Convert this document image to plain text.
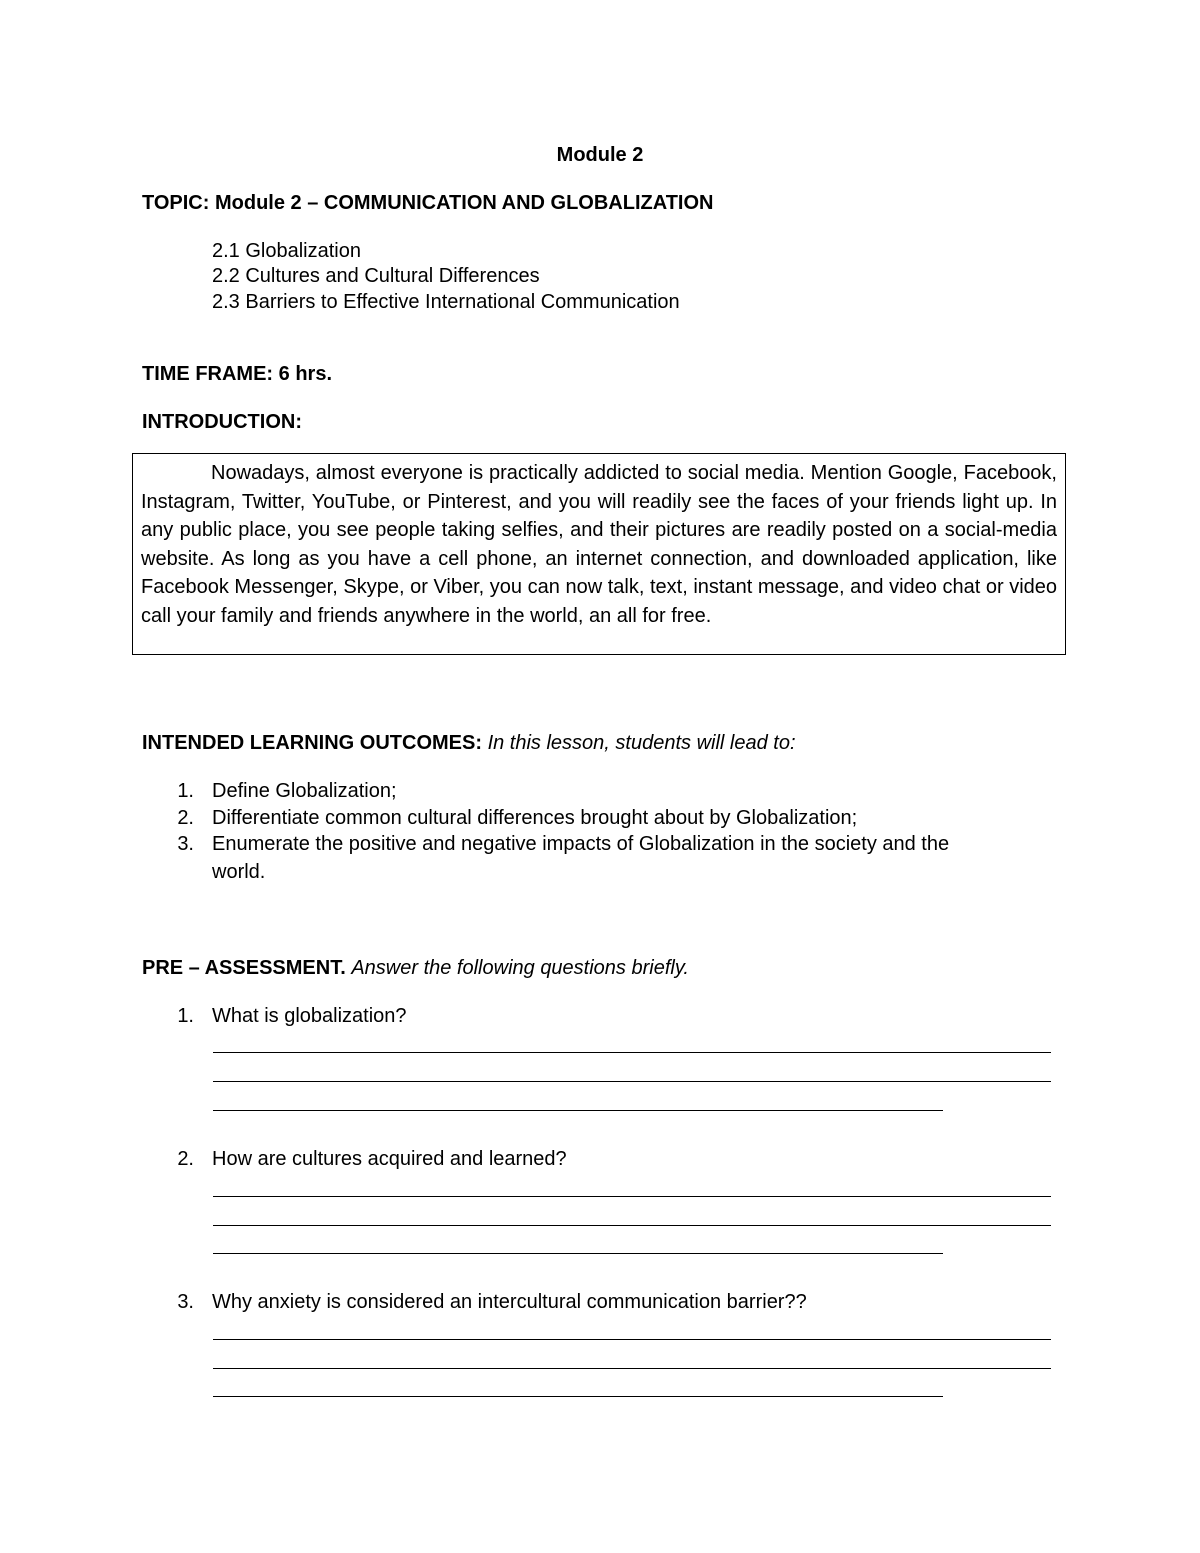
Module 2
TOPIC: Module 2 – COMMUNICATION AND GLOBALIZATION
2.1 Globalization
2.2 Cultures and Cultural Differences
2.3 Barriers to Effective International Communication
TIME FRAME: 6 hrs.
INTRODUCTION:
Nowadays, almost everyone is practically addicted to social media. Mention Google, Facebook, Instagram, Twitter, YouTube, or Pinterest, and you will readily see the faces of your friends light up. In any public place, you see people taking selfies, and their pictures are readily posted on a social-media website. As long as you have a cell phone, an internet connection, and downloaded application, like Facebook Messenger, Skype, or Viber, you can now talk, text, instant message, and video chat or video call your family and friends anywhere in the world, an all for free.
INTENDED LEARNING OUTCOMES: In this lesson, students will lead to:
1. Define Globalization;
2. Differentiate common cultural differences brought about by Globalization;
3. Enumerate the positive and negative impacts of Globalization in the society and the
world.
PRE – ASSESSMENT. Answer the following questions briefly.
1. What is globalization?
2. How are cultures acquired and learned?
3. Why anxiety is considered an intercultural communication barrier??
